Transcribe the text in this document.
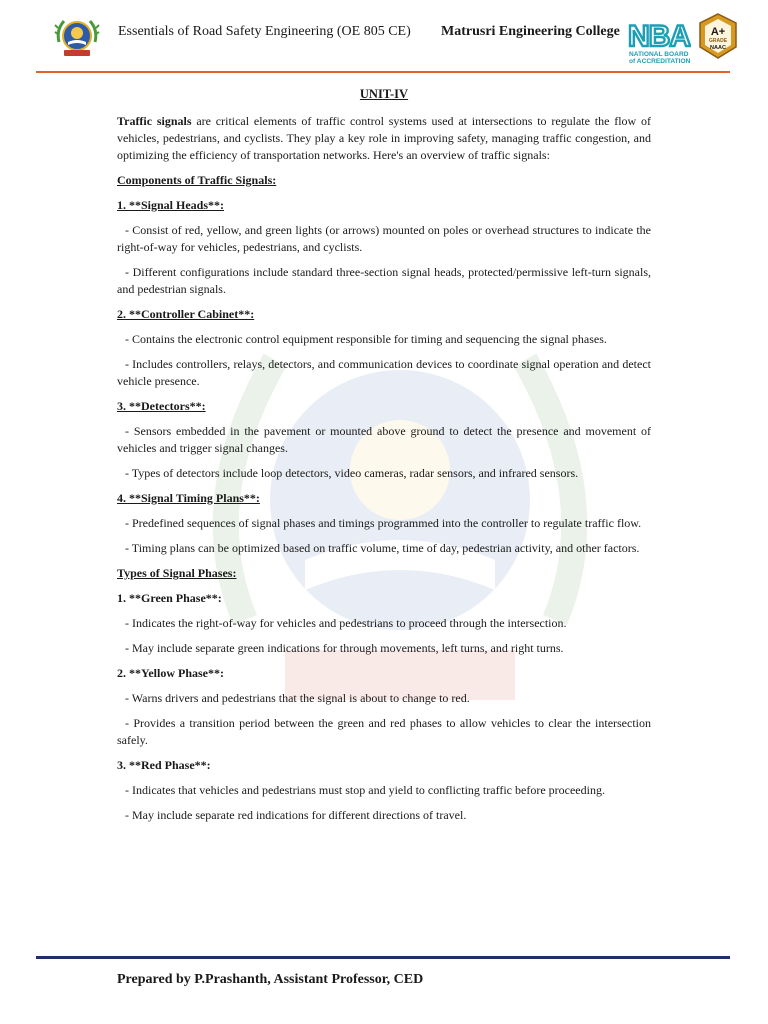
Essentials of Road Safety Engineering (OE 805 CE) Matrusri Engineering College NBA
NATIONAL BOARD
of ACCREDITATION
A+
GRADE
NAAC
UNIT-IV

Traffic signals are critical elements of traffic control systems used at intersections to regulate the flow of vehicles, pedestrians, and cyclists. They play a key role in improving safety, managing traffic congestion, and optimizing the efficiency of transportation networks. Here's an overview of traffic signals:

Components of Traffic Signals:
1. **Signal Heads**:

- Consist of red, yellow, and green lights (or arrows) mounted on poles or overhead structures to indicate the right-of-way for vehicles, pedestrians, and cyclists.

- Different configurations include standard three-section signal heads, protected/permissive left-turn signals, and pedestrian signals.

2. **Controller Cabinet**:

- Contains the electronic control equipment responsible for timing and sequencing the signal phases.

- Includes controllers, relays, detectors, and communication devices to coordinate signal operation and detect vehicle presence.

3. **Detectors**:

- Sensors embedded in the pavement or mounted above ground to detect the presence and movement of vehicles and trigger signal changes.

- Types of detectors include loop detectors, video cameras, radar sensors, and infrared sensors.

4. **Signal Timing Plans**:

- Predefined sequences of signal phases and timings programmed into the controller to regulate traffic flow.

- Timing plans can be optimized based on traffic volume, time of day, pedestrian activity, and other factors.

Types of Signal Phases:
1. **Green Phase**:

- Indicates the right-of-way for vehicles and pedestrians to proceed through the intersection.

- May include separate green indications for through movements, left turns, and right turns.

2. **Yellow Phase**:

- Warns drivers and pedestrians that the signal is about to change to red.

- Provides a transition period between the green and red phases to allow vehicles to clear the intersection safely.

3. **Red Phase**:

- Indicates that vehicles and pedestrians must stop and yield to conflicting traffic before proceeding.

- May include separate red indications for different directions of travel.

Prepared by P.Prashanth, Assistant Professor, CED
